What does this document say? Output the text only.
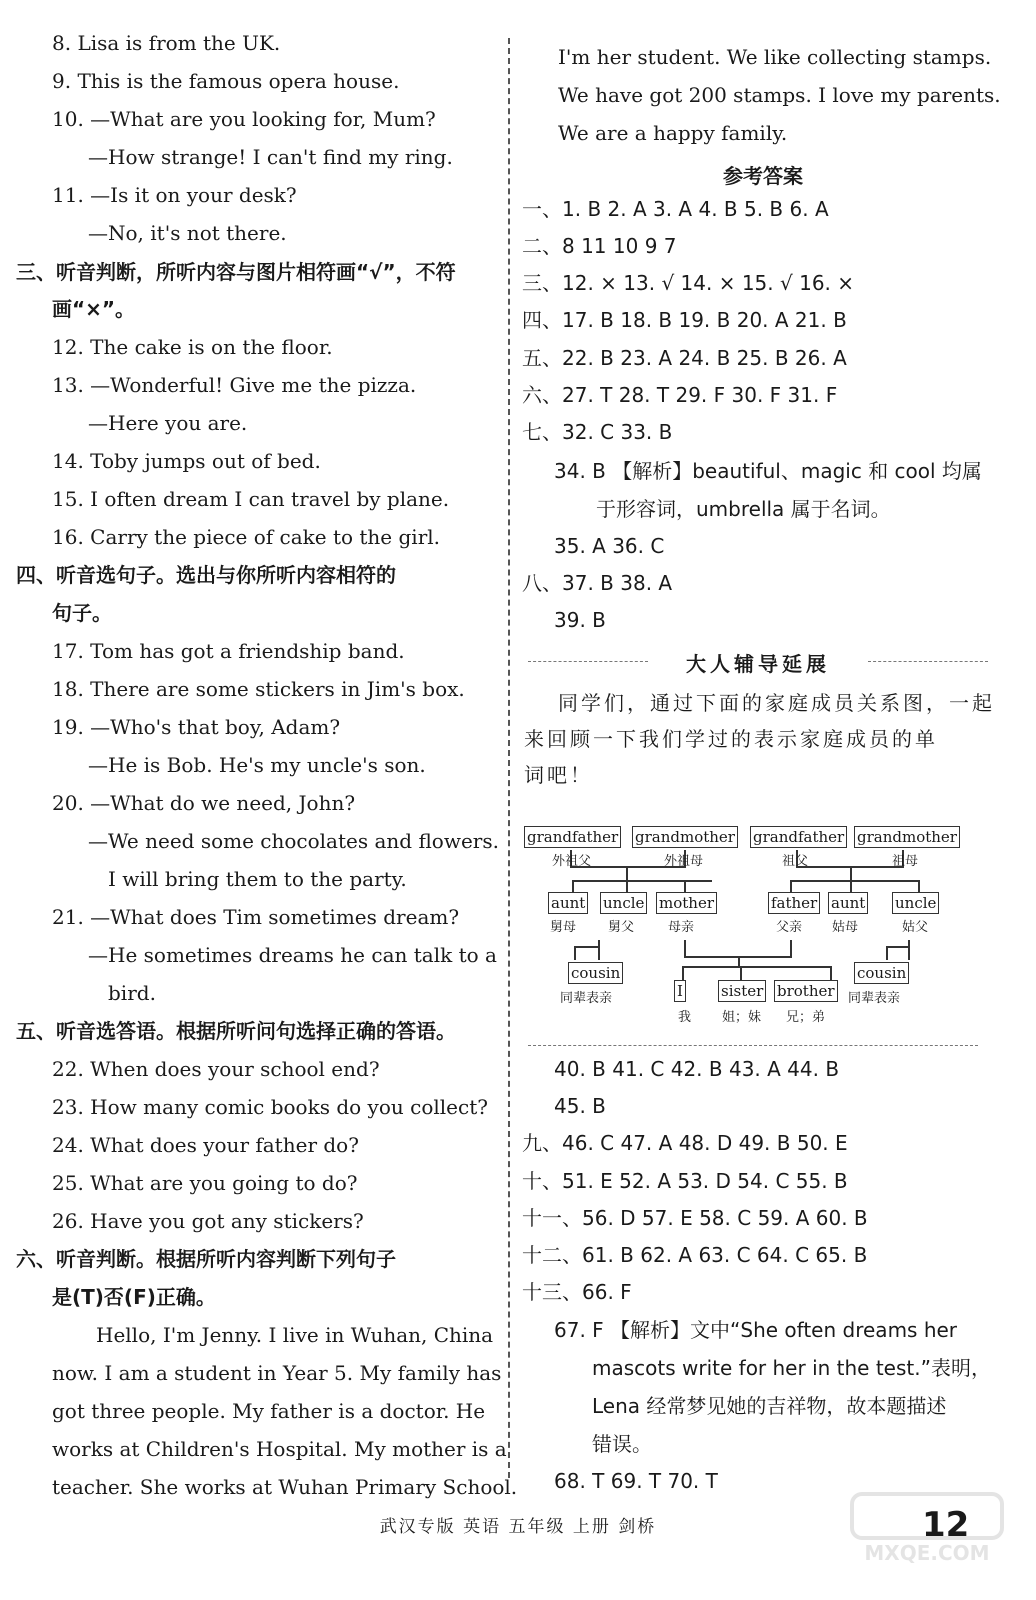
8. Lisa is from the UK.
9. This is the famous opera house.
10. —What are you looking for, Mum?
—How strange! I can't find my ring.
11. —Is it on your desk?
—No, it's not there.
三、听音判断，所听内容与图片相符画“√”，不符
画“×”。
12. The cake is on the floor.
13. —Wonderful! Give me the pizza.
—Here you are.
14. Toby jumps out of bed.
15. I often dream I can travel by plane.
16. Carry the piece of cake to the girl.
四、听音选句子。选出与你所听内容相符的
句子。
17. Tom has got a friendship band.
18. There are some stickers in Jim's box.
19. —Who's that boy, Adam?
—He is Bob. He's my uncle's son.
20. —What do we need, John?
—We need some chocolates and flowers.
I will bring them to the party.
21. —What does Tim sometimes dream?
—He sometimes dreams he can talk to a
bird.
五、听音选答语。根据所听问句选择正确的答语。
22. When does your school end?
23. How many comic books do you collect?
24. What does your father do?
25. What are you going to do?
26. Have you got any stickers?
六、听音判断。根据所听内容判断下列句子
是(T)否(F)正确。
Hello, I'm Jenny. I live in Wuhan, China
now. I am a student in Year 5. My family has
got three people. My father is a doctor. He
works at Children's Hospital. My mother is a
teacher. She works at Wuhan Primary School.
I'm her student. We like collecting stamps.
We have got 200 stamps. I love my parents.
We are a happy family.
参考答案
一、1. B 2. A 3. A 4. B 5. B 6. A
二、8 11 10 9 7
三、12. × 13. √ 14. × 15. √ 16. ×
四、17. B 18. B 19. B 20. A 21. B
五、22. B 23. A 24. B 25. B 26. A
六、27. T 28. T 29. F 30. F 31. F
七、32. C 33. B
34. B 【解析】beautiful、magic 和 cool 均属
于形容词，umbrella 属于名词。
35. A 36. C
八、37. B 38. A
39. B
大人辅导延展
同学们，通过下面的家庭成员关系图，一起
来回顾一下我们学过的表示家庭成员的单
词吧！
grandfather
外祖父
grandmother
外祖母
grandfather
祖父
grandmother
祖母
aunt
舅母
uncle
舅父
mother
母亲
father
父亲
aunt
姑母
uncle
姑父
cousin
同辈表亲	I
我
sister
姐；妹
brother
兄；弟
cousin
同辈表亲
40. B 41. C 42. B 43. A 44. B
45. B
九、46. C 47. A 48. D 49. B 50. E
十、51. E 52. A 53. D 54. C 55. B
十一、56. D 57. E 58. C 59. A 60. B
十二、61. B 62. A 63. C 64. C 65. B
十三、66. F
67. F 【解析】文中“She often dreams her
mascots write for her in the test.”表明，
Lena 经常梦见她的吉祥物，故本题描述
错误。
68. T 69. T 70. T
武汉专版 英语 五年级 上册 剑桥	12
MXQE.COM
